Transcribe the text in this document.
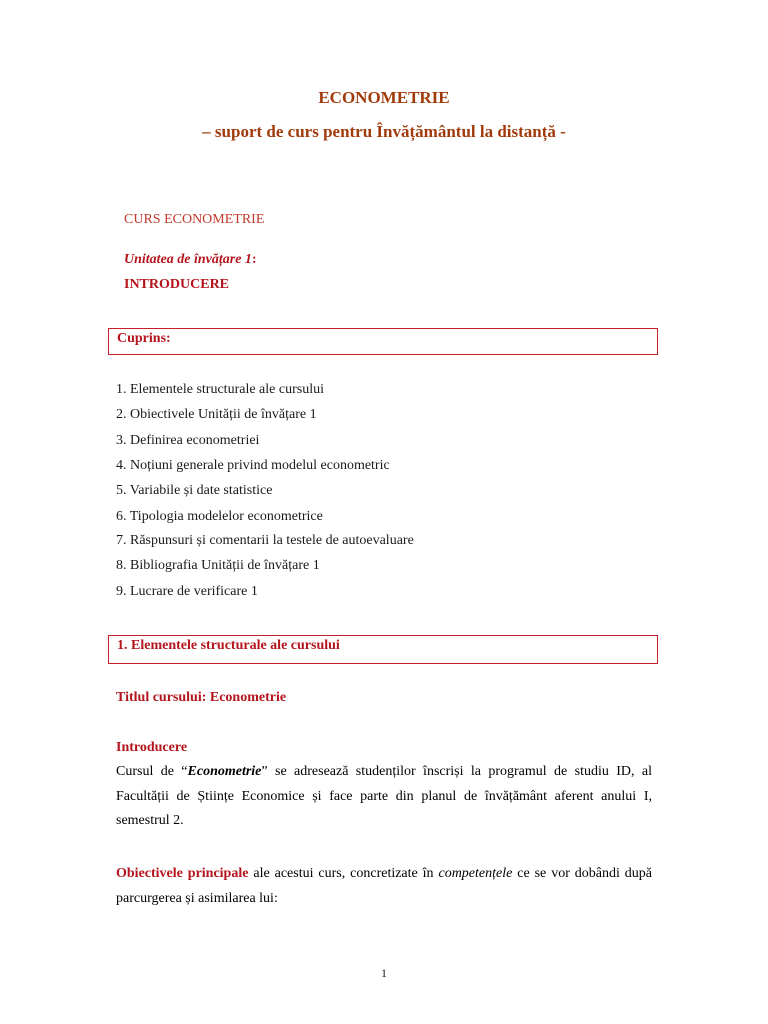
ECONOMETRIE
– suport de curs pentru Învățământul la distanță -
CURS ECONOMETRIE
Unitatea de învățare 1:
INTRODUCERE
Cuprins:
1. Elementele structurale ale cursului
2. Obiectivele Unității de învățare 1
3. Definirea econometriei
4. Noțiuni generale privind modelul econometric
5. Variabile și date statistice
6. Tipologia modelelor econometrice
7. Răspunsuri și comentarii la testele de autoevaluare
8. Bibliografia Unității de învățare 1
9. Lucrare de verificare 1
1. Elementele structurale ale cursului
Titlul cursului: Econometrie
Introducere
Cursul de “Econometrie” se adresează studenților înscriși la programul de studiu ID, al
Facultății de Științe Economice și face parte din planul de învățământ aferent anului I,
semestrul 2.
Obiectivele principale ale acestui curs, concretizate în competențele ce se vor dobândi după
parcurgerea și asimilarea lui:
1
